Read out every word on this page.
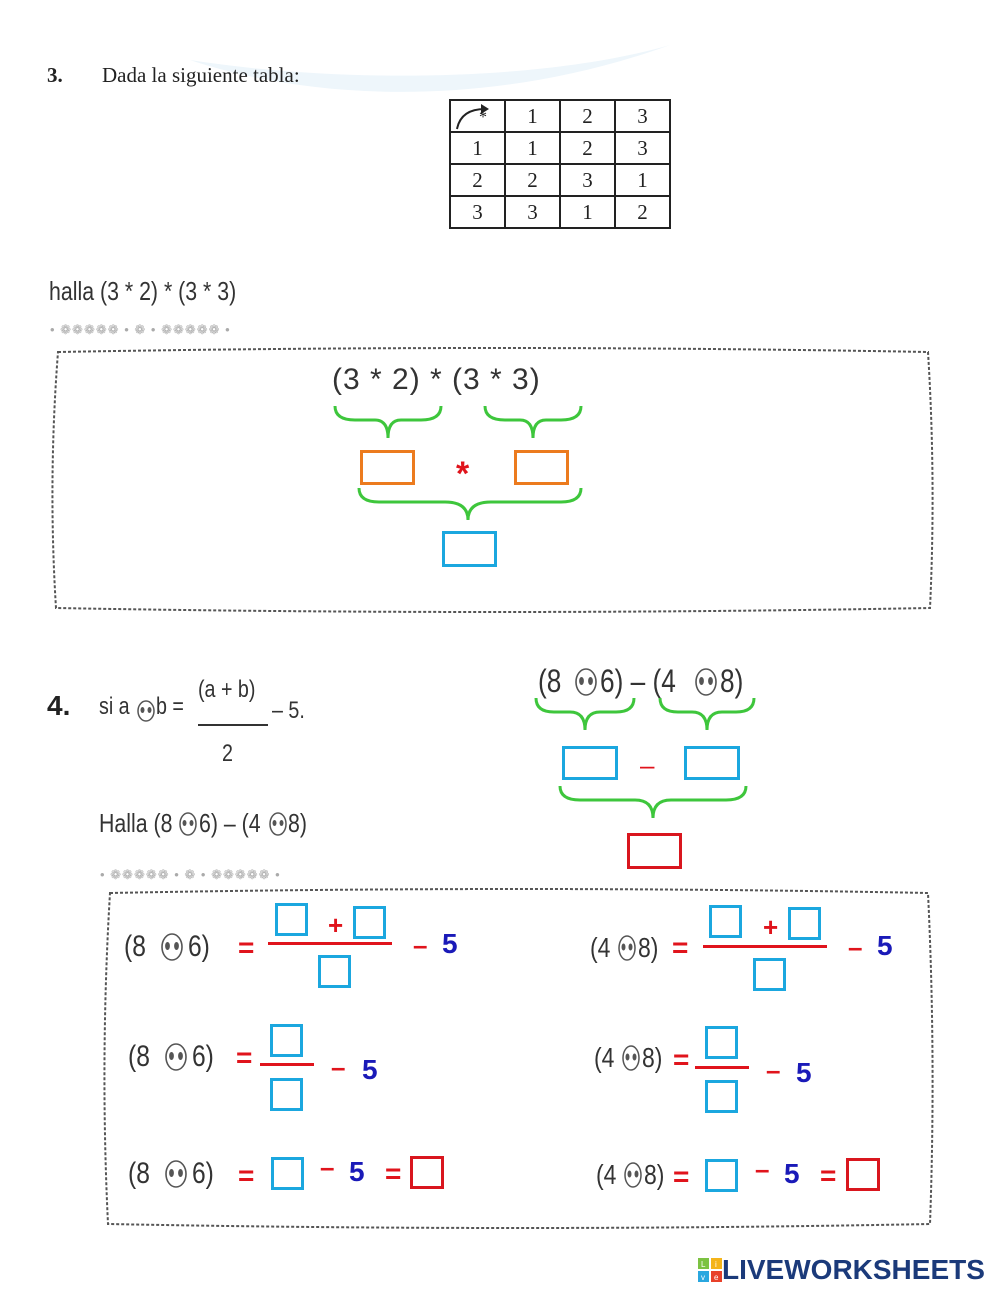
3. Dada la siguiente tabla:
*	1	2	3
1	1	2	3
2	2	3	1
3	3	1	2
halla (3 * 2) * (3 * 3)
• ❁❁❁❁❁ • ❁ • ❁❁❁❁❁ •
(3 * 2) * (3 * 3)
*
4. si a b =
(a + b)
2
– 5.
Halla (8 6) – (4 8)
• ❁❁❁❁❁ • ❁ • ❁❁❁❁❁ •
(8 6) – (4 8)
–
(8 6) =
+
– 5
(8 6) =	– 5
(8 6) =	– 5 =
(4 8) =
+
– 5
(4 8) =	– 5
(4 8) =	– 5 =
L i
v e LIVEWORKSHEETS
